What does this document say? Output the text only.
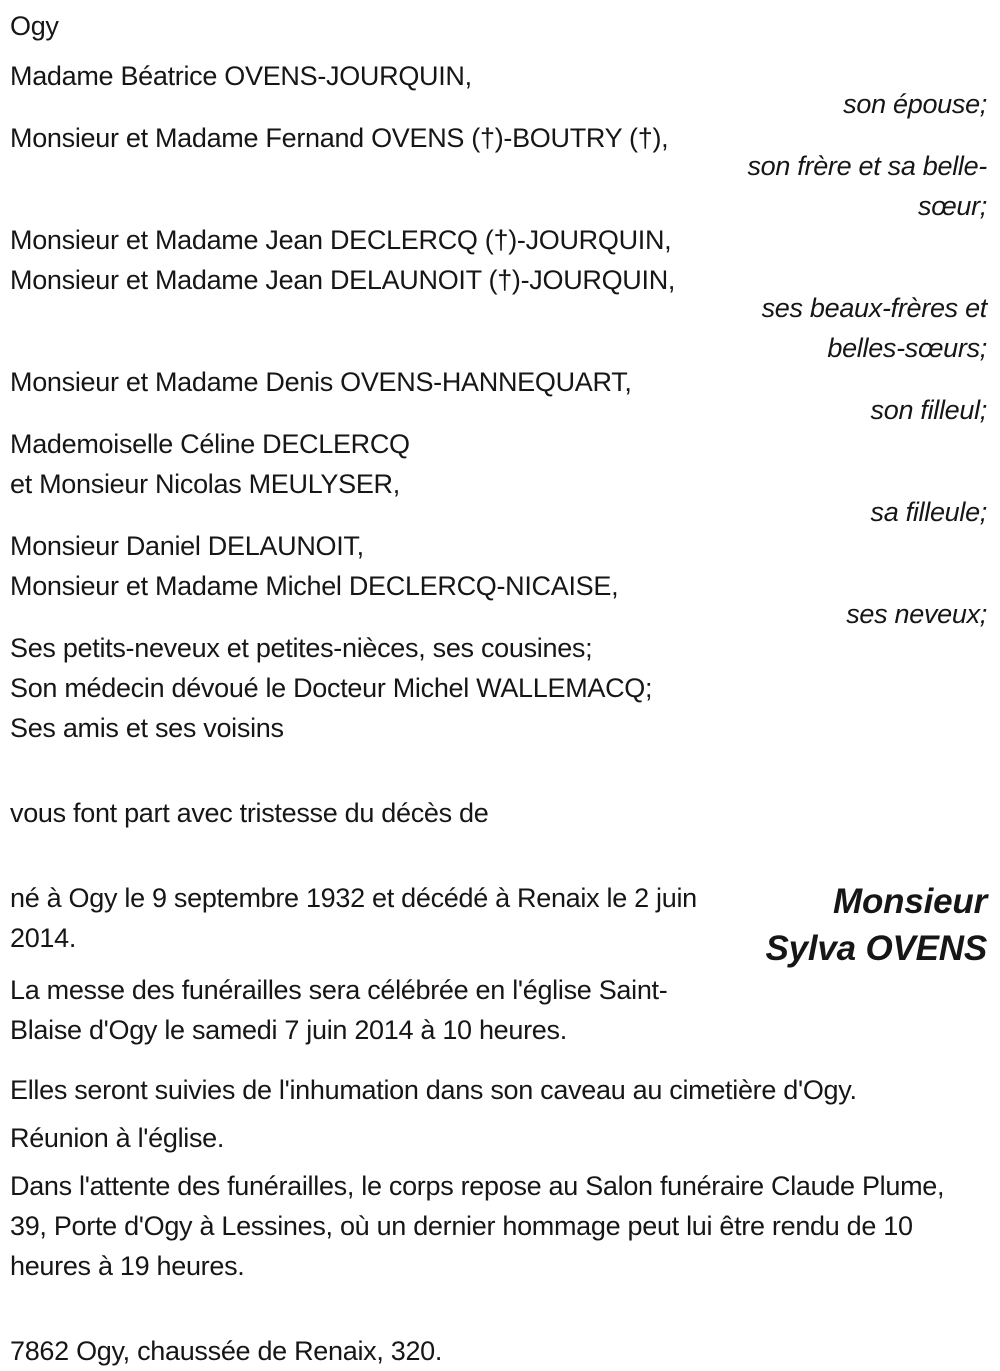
Ogy
Madame Béatrice OVENS-JOURQUIN,
son épouse;
Monsieur et Madame Fernand OVENS (†)-BOUTRY (†),
son frère et sa belle-sœur;
Monsieur et Madame Jean DECLERCQ (†)-JOURQUIN,
Monsieur et Madame Jean DELAUNOIT (†)-JOURQUIN,
ses beaux-frères et belles-sœurs;
Monsieur et Madame Denis OVENS-HANNEQUART,
son filleul;
Mademoiselle Céline DECLERCQ
et Monsieur Nicolas MEULYSER,
sa filleule;
Monsieur Daniel DELAUNOIT,
Monsieur et Madame Michel DECLERCQ-NICAISE,
ses neveux;
Ses petits-neveux et petites-nièces, ses cousines;
Son médecin dévoué le Docteur Michel WALLEMACQ;
Ses amis et ses voisins

vous font part avec tristesse du décès de

né à Ogy le 9 septembre 1932 et décédé à Renaix le 2 juin 2014.

La messe des funérailles sera célébrée en l'église Saint-Blaise d'Ogy le samedi 7 juin 2014 à 10 heures.

Monsieur Sylva OVENS

Elles seront suivies de l'inhumation dans son caveau au cimetière d'Ogy.

Réunion à l'église.

Dans l'attente des funérailles, le corps repose au Salon funéraire Claude Plume, 39, Porte d'Ogy à Lessines, où un dernier hommage peut lui être rendu de 10 heures à 19 heures.

7862 Ogy, chaussée de Renaix, 320.
